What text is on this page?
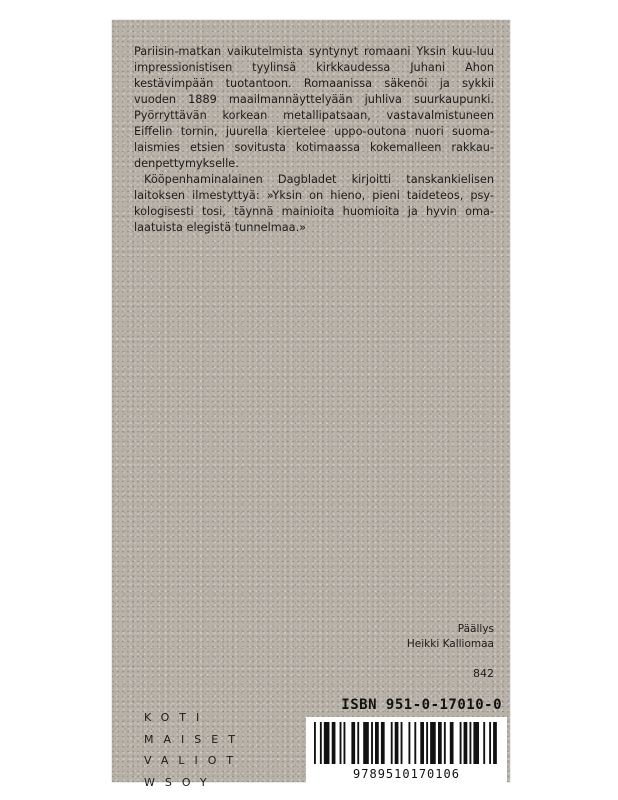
Pariisin-matkan vaikutelmista syntynyt romaani Yksin kuu-luu impressionistisen tyylinsä kirkkaudessa Juhani Ahon kestävimpään tuotantoon. Romaanissa säkenöi ja sykkii vuoden 1889 maailmannäyttelyään juhliva suurkaupunki. Pyörryttävän korkean metallipatsaan, vastavalmistuneen Eiffelin tornin, juurella kiertelee uppo-outona nuori suoma-laismies etsien sovitusta kotimaassa kokemalleen rakkau-denpettymykselle.

Kööpenhaminalainen Dagbladet kirjoitti tanskankielisen laitoksen ilmestyttyä: »Yksin on hieno, pieni taideteos, psy-kologisesti tosi, täynnä mainioita huomioita ja hyvin oma-laatuista elegistä tunnelmaa.»

Päällys
Heikki Kalliomaa
842
KOTI
MAISET
VALIOT
WSOY
ISBN 951-0-17010-0
9789510170106
